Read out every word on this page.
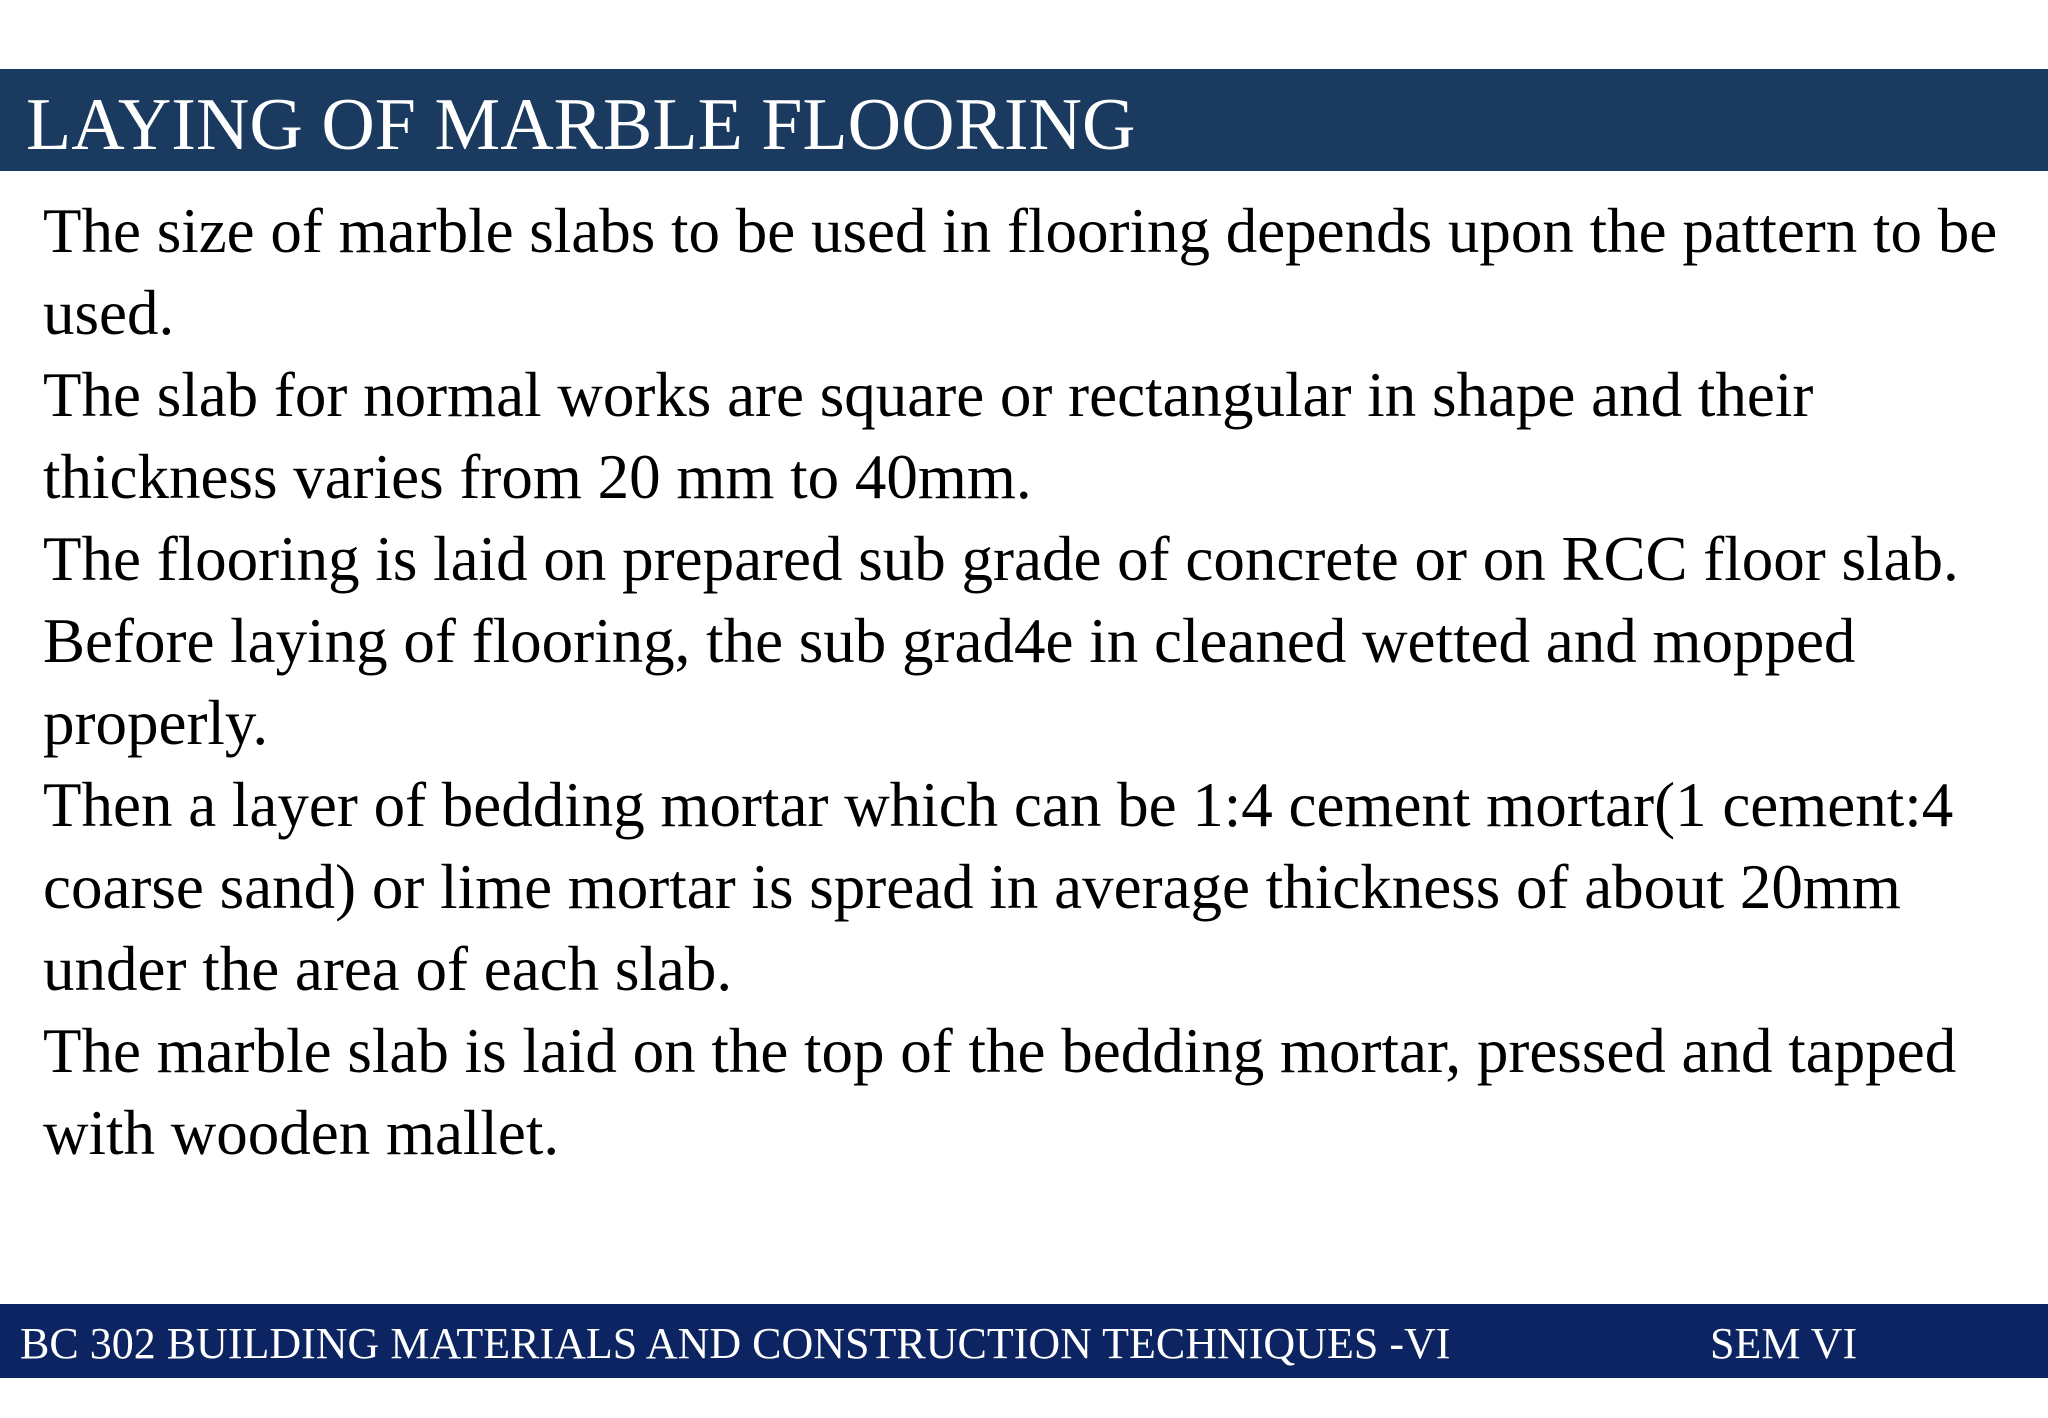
LAYING OF MARBLE FLOORING

The size of marble slabs to be used in flooring depends upon the pattern to be used.

The slab for normal works are square or rectangular in shape and their thickness varies from 20 mm to 40mm.

The flooring is laid on prepared sub grade of concrete or on RCC floor slab.

Before laying of flooring, the sub grad4e in cleaned wetted and mopped properly.

Then a layer of bedding mortar which can be 1:4 cement mortar(1 cement:4 coarse sand) or lime mortar is spread in average thickness of about 20mm under the area of each slab.

The marble slab is laid on the top of the bedding mortar, pressed and tapped with wooden mallet.

BC 302 BUILDING MATERIALS AND CONSTRUCTION TECHNIQUES -VI	SEM VI
